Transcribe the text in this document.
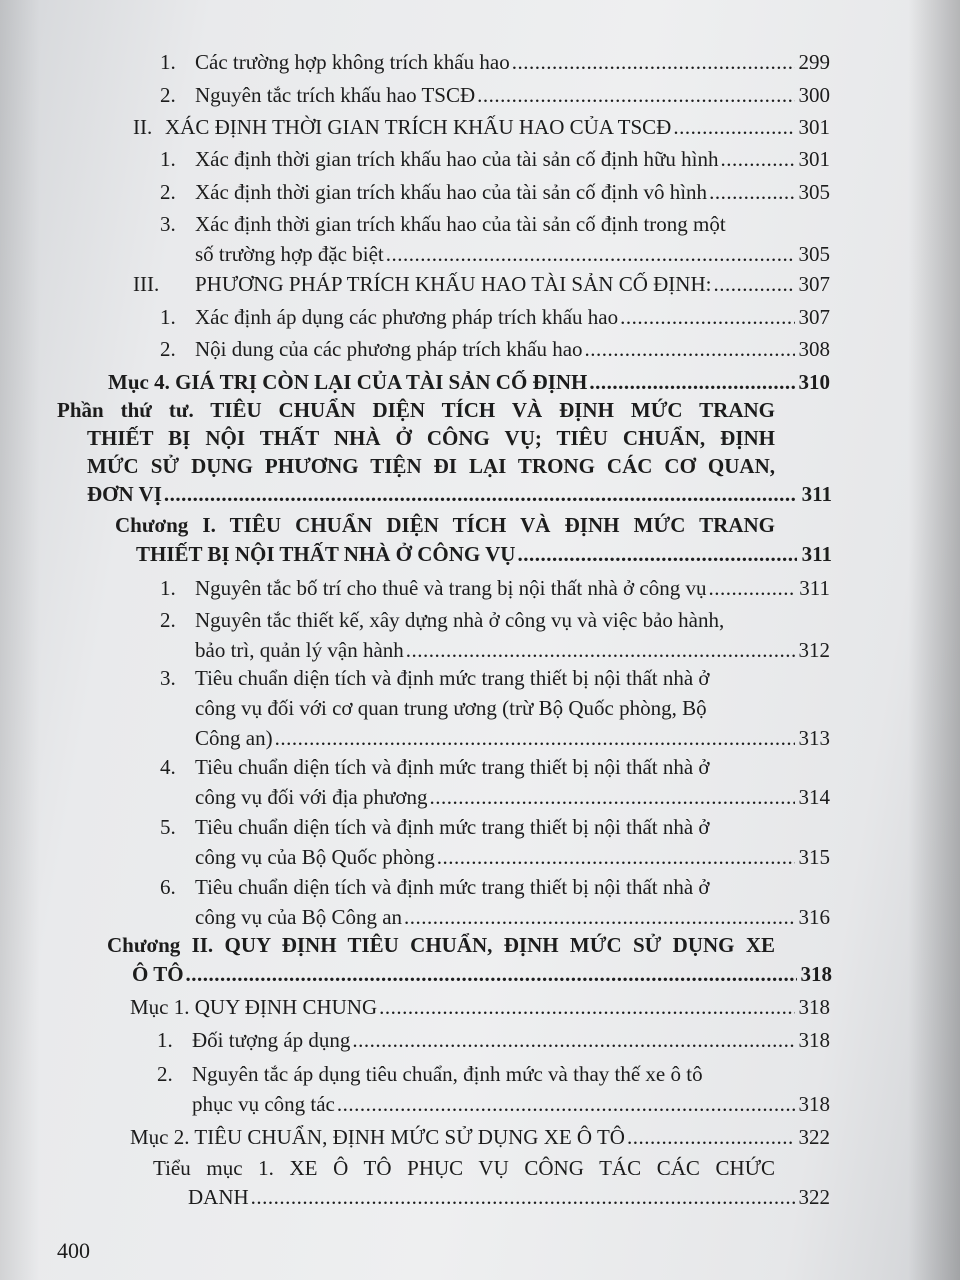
1. Các trường hợp không trích khấu hao .....	299
2. Nguyên tắc trích khấu hao TSCĐ .....	300
II. XÁC ĐỊNH THỜI GIAN TRÍCH KHẤU HAO CỦA TSCĐ .....	301
1. Xác định thời gian trích khấu hao của tài sản cố định hữu hình .....	301
2. Xác định thời gian trích khấu hao của tài sản cố định vô hình .....	305
3. Xác định thời gian trích khấu hao của tài sản cố định trong một
số trường hợp đặc biệt .....	305
III.	PHƯƠNG PHÁP TRÍCH KHẤU HAO TÀI SẢN CỐ ĐỊNH: .....	307
1. Xác định áp dụng các phương pháp trích khấu hao .....	307
2. Nội dung của các phương pháp trích khấu hao .....	308
Mục 4. GIÁ TRỊ CÒN LẠI CỦA TÀI SẢN CỐ ĐỊNH .....	310
Phần thứ tư. TIÊU CHUẨN DIỆN TÍCH VÀ ĐỊNH MỨC TRANG
THIẾT BỊ NỘI THẤT NHÀ Ở CÔNG VỤ; TIÊU CHUẨN, ĐỊNH
MỨC SỬ DỤNG PHƯƠNG TIỆN ĐI LẠI TRONG CÁC CƠ QUAN,
ĐƠN VỊ .....	311
Chương I. TIÊU CHUẨN DIỆN TÍCH VÀ ĐỊNH MỨC TRANG
THIẾT BỊ NỘI THẤT NHÀ Ở CÔNG VỤ .....	311
1. Nguyên tắc bố trí cho thuê và trang bị nội thất nhà ở công vụ .....	311
2. Nguyên tắc thiết kế, xây dựng nhà ở công vụ và việc bảo hành,
bảo trì, quản lý vận hành .....	312
3. Tiêu chuẩn diện tích và định mức trang thiết bị nội thất nhà ở
công vụ đối với cơ quan trung ương (trừ Bộ Quốc phòng, Bộ
Công an) .....	313
4. Tiêu chuẩn diện tích và định mức trang thiết bị nội thất nhà ở
công vụ đối với địa phương .....	314
5. Tiêu chuẩn diện tích và định mức trang thiết bị nội thất nhà ở
công vụ của Bộ Quốc phòng .....	315
6. Tiêu chuẩn diện tích và định mức trang thiết bị nội thất nhà ở
công vụ của Bộ Công an .....	316
Chương II. QUY ĐỊNH TIÊU CHUẨN, ĐỊNH MỨC SỬ DỤNG XE
Ô TÔ .....	318
Mục 1. QUY ĐỊNH CHUNG .....	318
1. Đối tượng áp dụng .....	318
2. Nguyên tắc áp dụng tiêu chuẩn, định mức và thay thế xe ô tô
phục vụ công tác .....	318
Mục 2. TIÊU CHUẨN, ĐỊNH MỨC SỬ DỤNG XE Ô TÔ .....	322
Tiểu mục 1. XE Ô TÔ PHỤC VỤ CÔNG TÁC CÁC CHỨC
DANH .....	322
400
